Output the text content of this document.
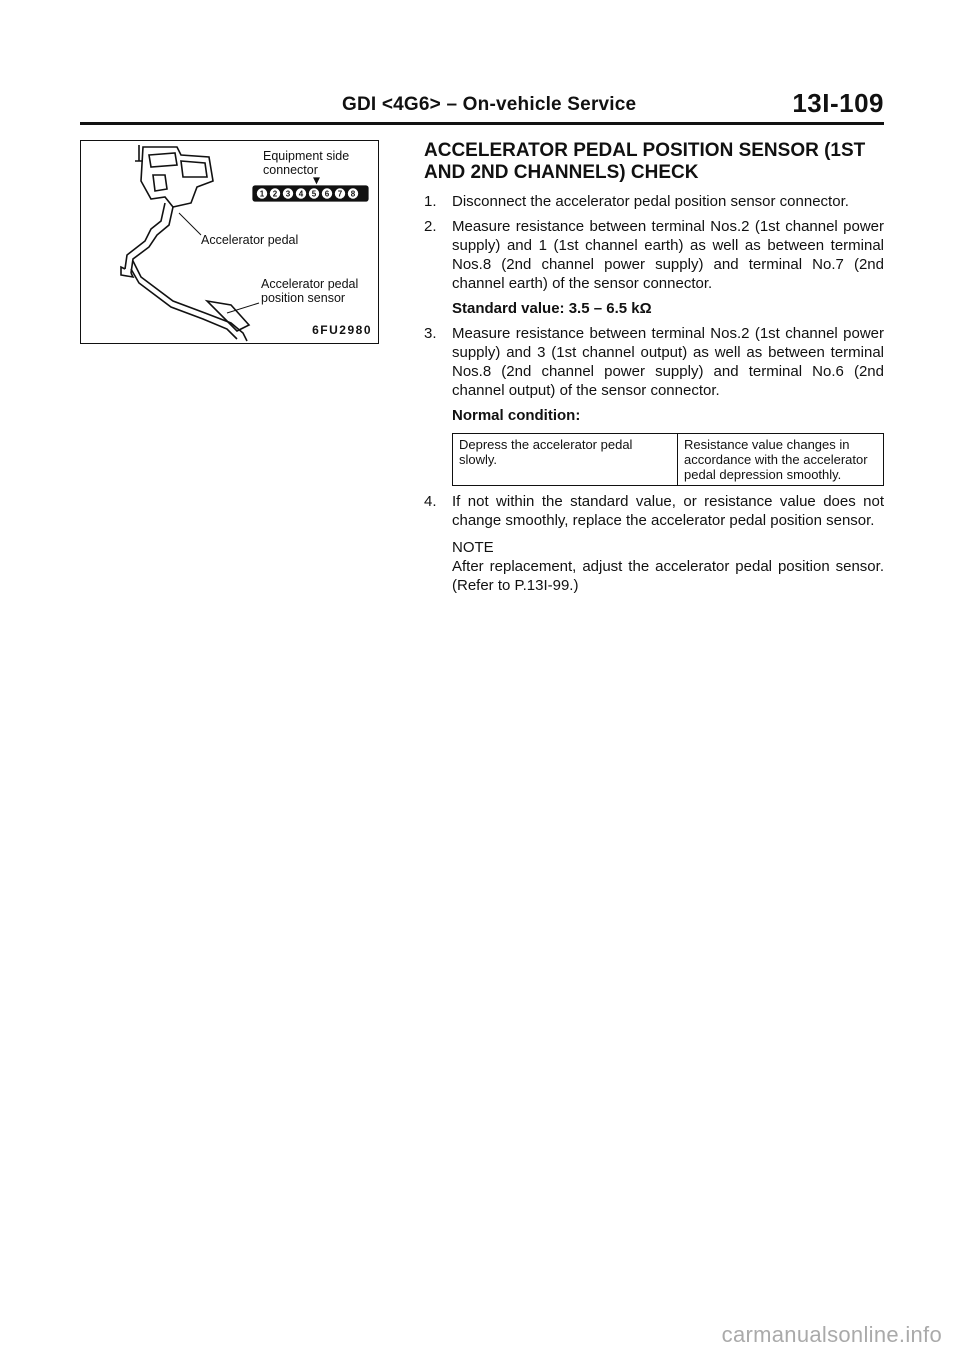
GDI <4G6> – On-vehicle Service	13I-109
1 2 3 4 5 6 7 8
Equipment side connector
Accelerator pedal
Accelerator pedal position sensor
6FU2980
ACCELERATOR PEDAL POSITION SENSOR (1ST AND 2ND CHANNELS) CHECK
1. Disconnect the accelerator pedal position sensor connector.
2. Measure resistance between terminal Nos.2 (1st channel power supply) and 1 (1st channel earth) as well as between terminal Nos.8 (2nd channel power supply) and terminal No.7 (2nd channel earth) of the sensor connector.
Standard value: 3.5 – 6.5 kΩ
3. Measure resistance between terminal Nos.2 (1st channel power supply) and 3 (1st channel output) as well as between terminal Nos.8 (2nd channel power supply) and terminal No.6 (2nd channel output) of the sensor connector.
Normal condition:
Depress the accelerator pedal slowly.	Resistance value changes in accordance with the accelerator pedal depression smoothly.
4. If not within the standard value, or resistance value does not change smoothly, replace the accelerator pedal position sensor.
NOTE
After replacement, adjust the accelerator pedal position sensor. (Refer to P.13I-99.)
carmanualsonline.info
